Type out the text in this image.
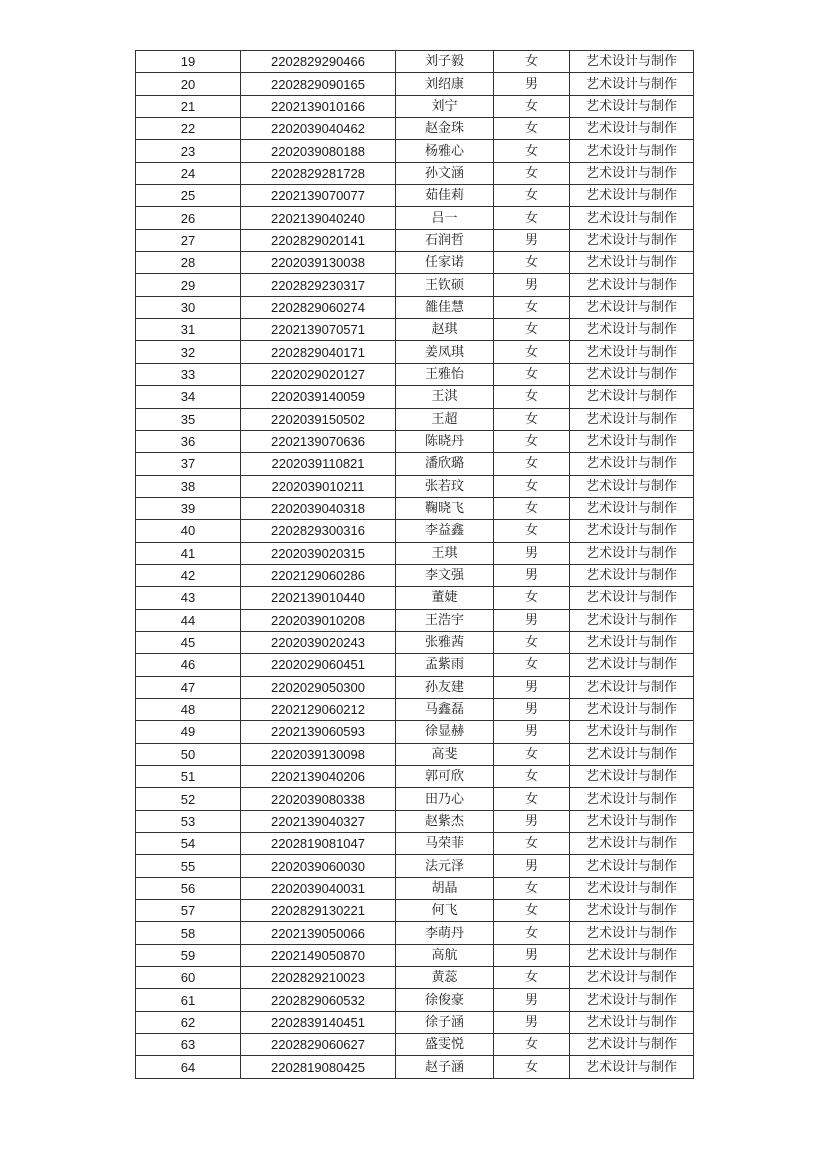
19	2202829290466	刘子毅	女	艺术设计与制作
20	2202829090165	刘绍康	男	艺术设计与制作
21	2202139010166	刘宁	女	艺术设计与制作
22	2202039040462	赵金珠	女	艺术设计与制作
23	2202039080188	杨雅心	女	艺术设计与制作
24	2202829281728	孙文涵	女	艺术设计与制作
25	2202139070077	茹佳莉	女	艺术设计与制作
26	2202139040240	吕一	女	艺术设计与制作
27	2202829020141	石润哲	男	艺术设计与制作
28	2202039130038	任家诺	女	艺术设计与制作
29	2202829230317	王钦硕	男	艺术设计与制作
30	2202829060274	雒佳慧	女	艺术设计与制作
31	2202139070571	赵琪	女	艺术设计与制作
32	2202829040171	姜凤琪	女	艺术设计与制作
33	2202029020127	王雅怡	女	艺术设计与制作
34	2202039140059	王淇	女	艺术设计与制作
35	2202039150502	王超	女	艺术设计与制作
36	2202139070636	陈晓丹	女	艺术设计与制作
37	2202039110821	潘欣璐	女	艺术设计与制作
38	2202039010211	张若玟	女	艺术设计与制作
39	2202039040318	鞠晓飞	女	艺术设计与制作
40	2202829300316	李益鑫	女	艺术设计与制作
41	2202039020315	王琪	男	艺术设计与制作
42	2202129060286	李文强	男	艺术设计与制作
43	2202139010440	董婕	女	艺术设计与制作
44	2202039010208	王浩宇	男	艺术设计与制作
45	2202039020243	张雅茜	女	艺术设计与制作
46	2202029060451	孟紫雨	女	艺术设计与制作
47	2202029050300	孙友建	男	艺术设计与制作
48	2202129060212	马鑫磊	男	艺术设计与制作
49	2202139060593	徐显赫	男	艺术设计与制作
50	2202039130098	高斐	女	艺术设计与制作
51	2202139040206	郭可欣	女	艺术设计与制作
52	2202039080338	田乃心	女	艺术设计与制作
53	2202139040327	赵紫杰	男	艺术设计与制作
54	2202819081047	马荣菲	女	艺术设计与制作
55	2202039060030	法元泽	男	艺术设计与制作
56	2202039040031	胡晶	女	艺术设计与制作
57	2202829130221	何飞	女	艺术设计与制作
58	2202139050066	李萌丹	女	艺术设计与制作
59	2202149050870	高航	男	艺术设计与制作
60	2202829210023	黄蕊	女	艺术设计与制作
61	2202829060532	徐俊豪	男	艺术设计与制作
62	2202839140451	徐子涵	男	艺术设计与制作
63	2202829060627	盛雯悦	女	艺术设计与制作
64	2202819080425	赵子涵	女	艺术设计与制作
